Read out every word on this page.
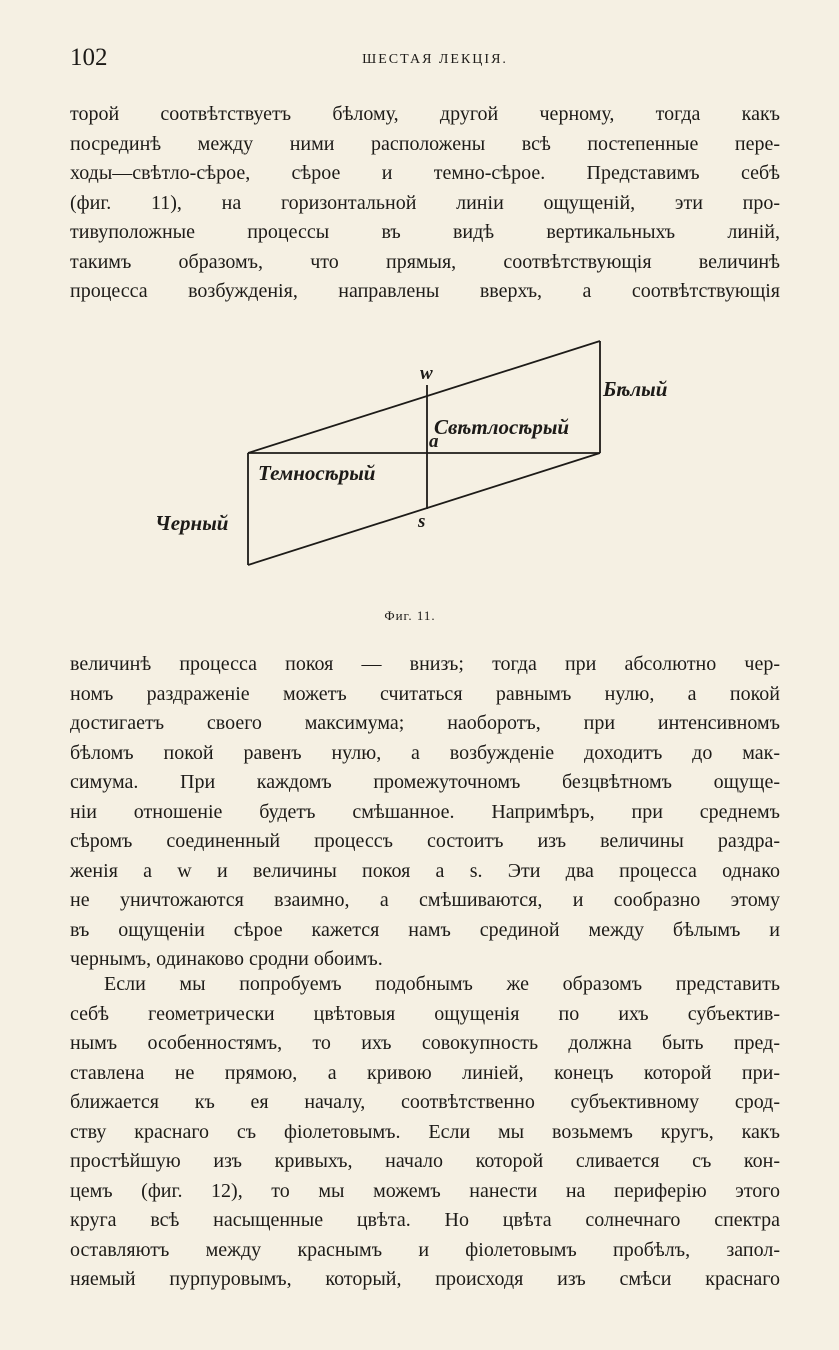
102	ШЕСТАЯ ЛЕКЦІЯ.
торой соотвѣтствуетъ бѣлому, другой черному, тогда какъ
посрединѣ между ними расположены всѣ постепенные пере-
ходы—свѣтло-сѣрое, сѣрое и темно-сѣрое. Представимъ себѣ
(фиг. 11), на горизонтальной линіи ощущеній, эти про-
тивуположные процессы въ видѣ вертикальныхъ линій,
такимъ образомъ, что прямыя, соотвѣтствующія величинѣ
процесса возбужденія, направлены вверхъ, а соотвѣтствующія
w
Бѣлый
Свѣтлосѣрый
a
Темносѣрый
Черный	s
Фиг. 11.
величинѣ процесса покоя — внизъ; тогда при абсолютно чер-
номъ раздраженіе можетъ считаться равнымъ нулю, а покой
достигаетъ своего максимума; наоборотъ, при интенсивномъ
бѣломъ покой равенъ нулю, а возбужденіе доходитъ до мак-
симума. При каждомъ промежуточномъ безцвѣтномъ ощуще-
ніи отношеніе будетъ смѣшанное. Напримѣръ, при среднемъ
сѣромъ соединенный процессъ состоитъ изъ величины раздра-
женія a w и величины покоя a s. Эти два процесса однако
не уничтожаются взаимно, а смѣшиваются, и сообразно этому
въ ощущеніи сѣрое кажется намъ срединой между бѣлымъ и
чернымъ, одинаково сродни обоимъ.
Если мы попробуемъ подобнымъ же образомъ представить
себѣ геометрически цвѣтовыя ощущенія по ихъ субъектив-
нымъ особенностямъ, то ихъ совокупность должна быть пред-
ставлена не прямою, а кривою линіей, конецъ которой при-
ближается къ ея началу, соотвѣтственно субъективному срод-
ству краснаго съ фіолетовымъ. Если мы возьмемъ кругъ, какъ
простѣйшую изъ кривыхъ, начало которой сливается съ кон-
цемъ (фиг. 12), то мы можемъ нанести на периферію этого
круга всѣ насыщенные цвѣта. Но цвѣта солнечнаго спектра
оставляютъ между краснымъ и фіолетовымъ пробѣлъ, запол-
няемый пурпуровымъ, который, происходя изъ смѣси краснаго
